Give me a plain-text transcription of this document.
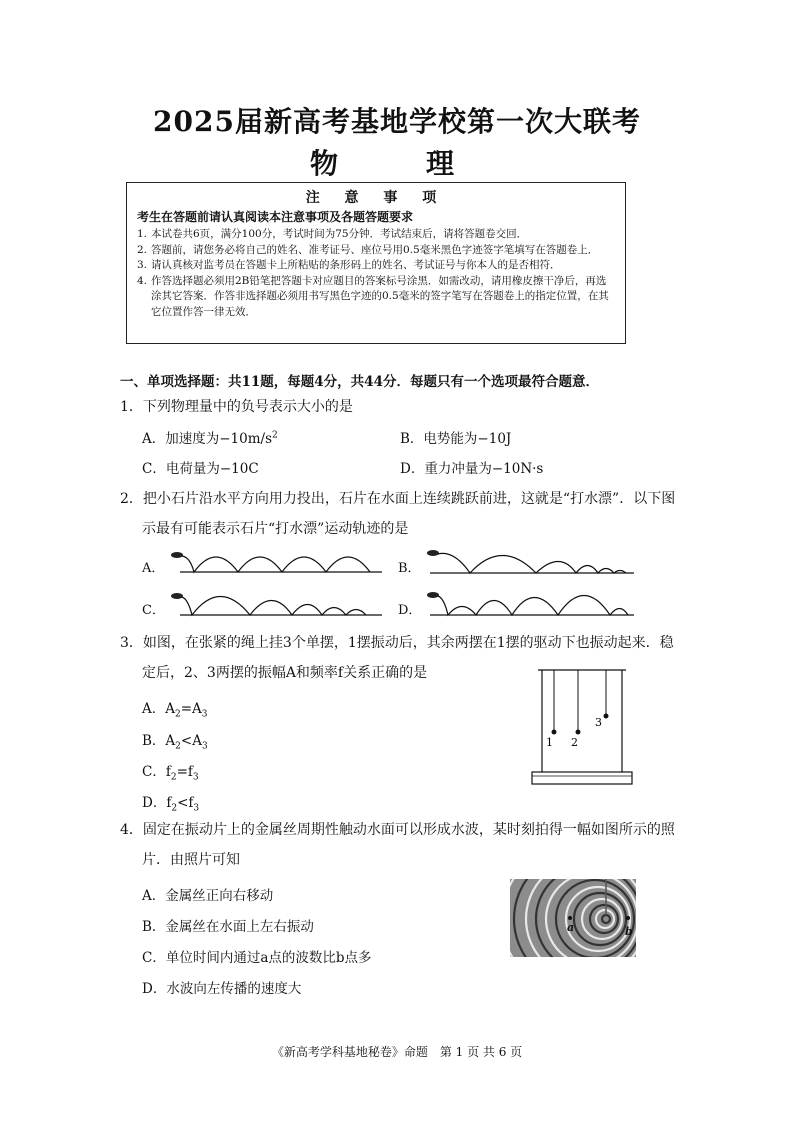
2025届新高考基地学校第一次大联考
物　理
注 意 事 项
考生在答题前请认真阅读本注意事项及各题答题要求
1. 本试卷共6页，满分100分，考试时间为75分钟．考试结束后，请将答题卷交回．
2. 答题前，请您务必将自己的姓名、准考证号、座位号用0.5毫米黑色字迹签字笔填写在答题卷上．
3. 请认真核对监考员在答题卡上所粘贴的条形码上的姓名、考试证号与你本人的是否相符．
4. 作答选择题必须用2B铅笔把答题卡对应题目的答案标号涂黑．如需改动，请用橡皮擦干净后，再选涂其它答案．作答非选择题必须用书写黑色字迹的0.5毫米的签字笔写在答题卷上的指定位置，在其它位置作答一律无效．
一、单项选择题：共11题，每题4分，共44分．每题只有一个选项最符合题意．
1．下列物理量中的负号表示大小的是
A．加速度为$-10m/s^2$	B．电势能为−10J
C．电荷量为−10C	D．重力冲量为−10N·s
2．把小石片沿水平方向用力投出，石片在水面上连续跳跃前进，这就是“打水漂”．以下图
示最有可能表示石片“打水漂”运动轨迹的是
A．	B．
C．	D．
3．如图，在张紧的绳上挂3个单摆，1摆振动后，其余两摆在1摆的驱动下也振动起来．稳
定后，2、3两摆的振幅A和频率f关系正确的是
A．$A_2=A_3$
B．$A_2<A_3$
C．$f_2=f_3$
D．$f_2<f_3$
1 2
3
4．固定在振动片上的金属丝周期性触动水面可以形成水波，某时刻拍得一幅如图所示的照
片．由照片可知
A．金属丝正向右移动
B．金属丝在水面上左右振动
C．单位时间内通过a点的波数比b点多
D．水波向左传播的速度大
a	b
《新高考学科基地秘卷》命题　第 1 页 共 6 页
